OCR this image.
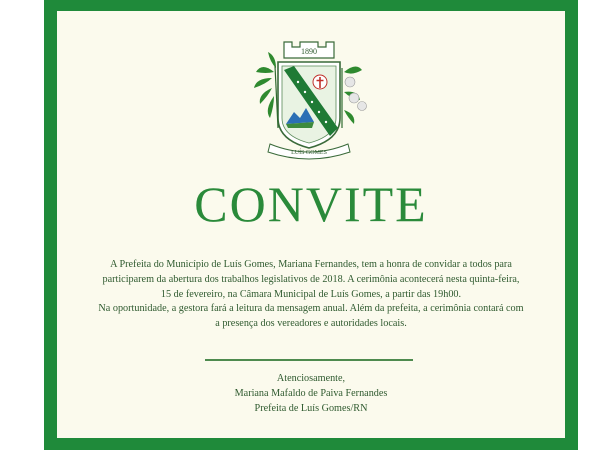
1890
LUÍS GOMES
CONVITE

A Prefeita do Município de Luís Gomes, Mariana Fernandes, tem a honra de convidar a todos para participarem da abertura dos trabalhos legislativos de 2018. A cerimônia acontecerá nesta quinta-feira, 15 de fevereiro, na Câmara Municipal de Luís Gomes, a partir das 19h00.

Na oportunidade, a gestora fará a leitura da mensagem anual. Além da prefeita, a cerimônia contará com a presença dos vereadores e autoridades locais.

Atenciosamente,
Mariana Mafaldo de Paiva Fernandes
Prefeita de Luís Gomes/RN
